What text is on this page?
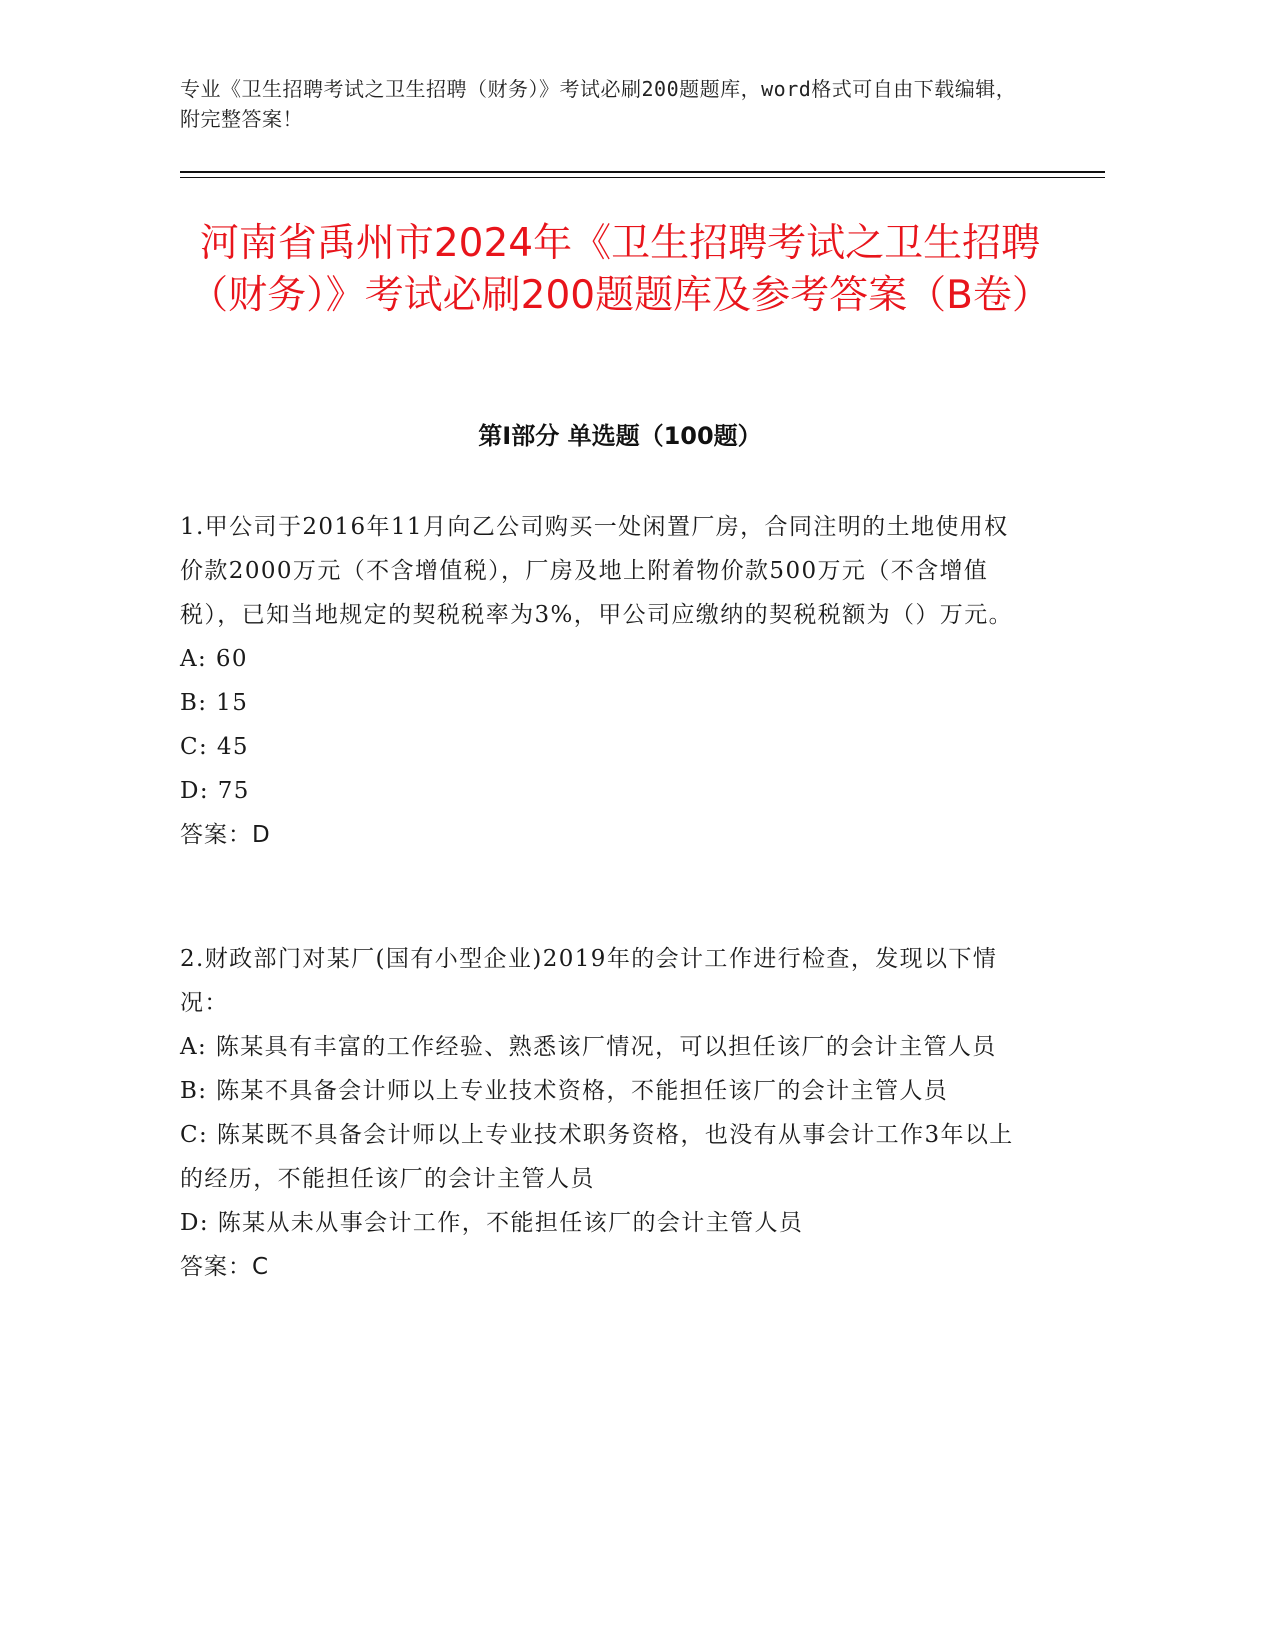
专业《卫生招聘考试之卫生招聘（财务）》考试必刷200题题库，word格式可自由下载编辑，附完整答案！
河南省禹州市2024年《卫生招聘考试之卫生招聘（财务）》考试必刷200题题库及参考答案（B卷）
第Ⅰ部分 单选题（100题）

1.甲公司于2016年11月向乙公司购买一处闲置厂房，合同注明的土地使用权价款2000万元（不含增值税），厂房及地上附着物价款500万元（不含增值税），已知当地规定的契税税率为3%，甲公司应缴纳的契税税额为（）万元。

A: 60

B: 15

C: 45

D: 75

答案：D

2.财政部门对某厂(国有小型企业)2019年的会计工作进行检查，发现以下情况：

A: 陈某具有丰富的工作经验、熟悉该厂情况，可以担任该厂的会计主管人员

B: 陈某不具备会计师以上专业技术资格，不能担任该厂的会计主管人员

C: 陈某既不具备会计师以上专业技术职务资格，也没有从事会计工作3年以上的经历，不能担任该厂的会计主管人员

D: 陈某从未从事会计工作，不能担任该厂的会计主管人员

答案：C
